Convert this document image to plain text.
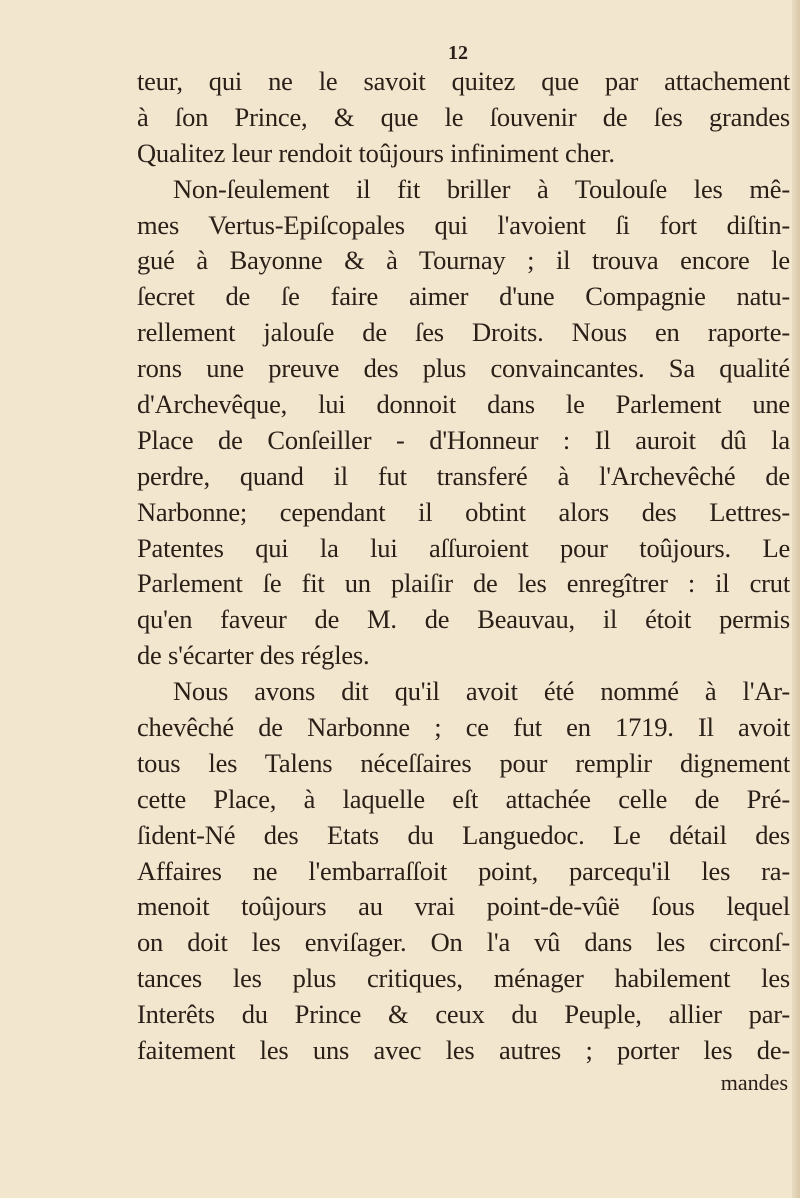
12
teur, qui ne le savoit quitez que par attachement
à ſon Prince, & que le ſouvenir de ſes grandes
Qualitez leur rendoit toûjours infiniment cher.
Non-ſeulement il fit briller à Toulouſe les mê-
mes Vertus-Epiſcopales qui l'avoient ſi fort diſtin-
gué à Bayonne & à Tournay ; il trouva encore le
ſecret de ſe faire aimer d'une Compagnie natu-
rellement jalouſe de ſes Droits. Nous en raporte-
rons une preuve des plus convaincantes. Sa qualité
d'Archevêque, lui donnoit dans le Parlement une
Place de Conſeiller - d'Honneur : Il auroit dû la
perdre, quand il fut transferé à l'Archevêché de
Narbonne; cependant il obtint alors des Lettres-
Patentes qui la lui aſſuroient pour toûjours. Le
Parlement ſe fit un plaiſir de les enregîtrer : il crut
qu'en faveur de M. de Beauvau, il étoit permis
de s'écarter des régles.
Nous avons dit qu'il avoit été nommé à l'Ar-
chevêché de Narbonne ; ce fut en 1719. Il avoit
tous les Talens néceſſaires pour remplir dignement
cette Place, à laquelle eſt attachée celle de Pré-
ſident-Né des Etats du Languedoc. Le détail des
Affaires ne l'embarraſſoit point, parcequ'il les ra-
menoit toûjours au vrai point-de-vûë ſous lequel
on doit les enviſager. On l'a vû dans les circonſ-
tances les plus critiques, ménager habilement les
Interêts du Prince & ceux du Peuple, allier par-
faitement les uns avec les autres ; porter les de-
mandes
